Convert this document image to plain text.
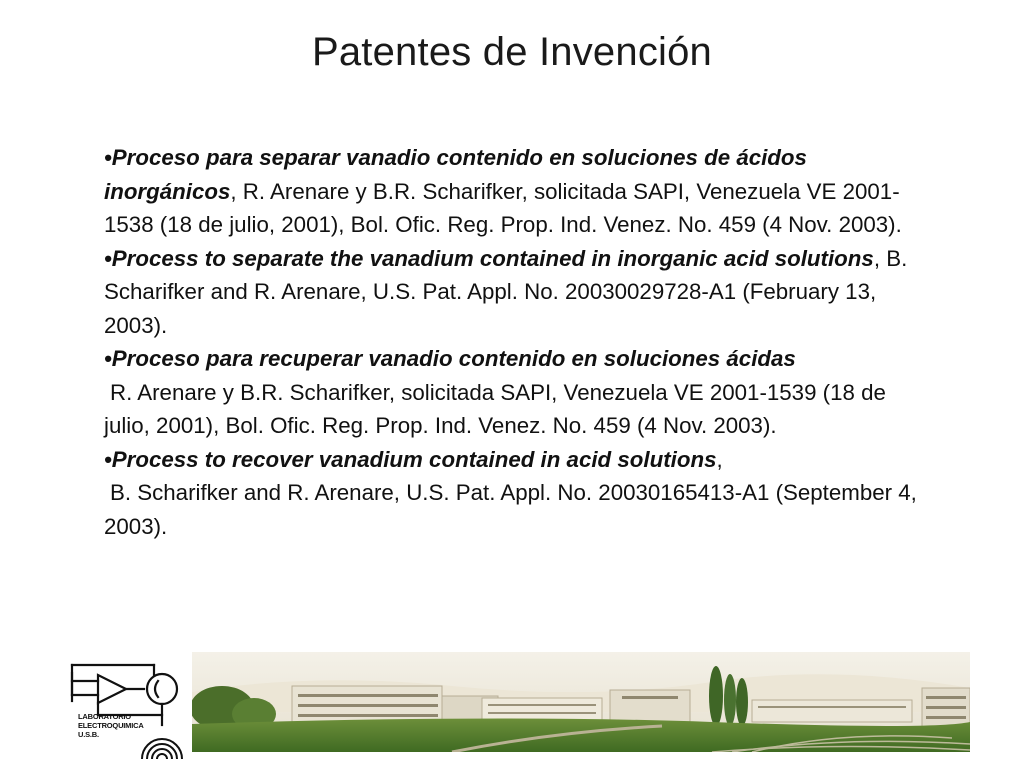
Patentes de Invención

•Proceso para separar vanadio contenido en soluciones de ácidos inorgánicos, R. Arenare y B.R. Scharifker, solicitada SAPI, Venezuela VE 2001-1538 (18 de julio, 2001), Bol. Ofic. Reg. Prop. Ind. Venez. No. 459 (4 Nov. 2003).

•Process to separate the vanadium contained in inorganic acid solutions, B. Scharifker and R. Arenare, U.S. Pat. Appl. No. 20030029728-A1 (February 13, 2003).

•Proceso para recuperar vanadio contenido en soluciones ácidas
R. Arenare y B.R. Scharifker, solicitada SAPI, Venezuela VE 2001-1539 (18 de julio, 2001), Bol. Ofic. Reg. Prop. Ind. Venez. No. 459 (4 Nov. 2003).

•Process to recover vanadium contained in acid solutions,
B. Scharifker and R. Arenare, U.S. Pat. Appl. No. 20030165413-A1 (September 4, 2003).

LABORATORIO
ELECTROQUIMICA
U.S.B.
